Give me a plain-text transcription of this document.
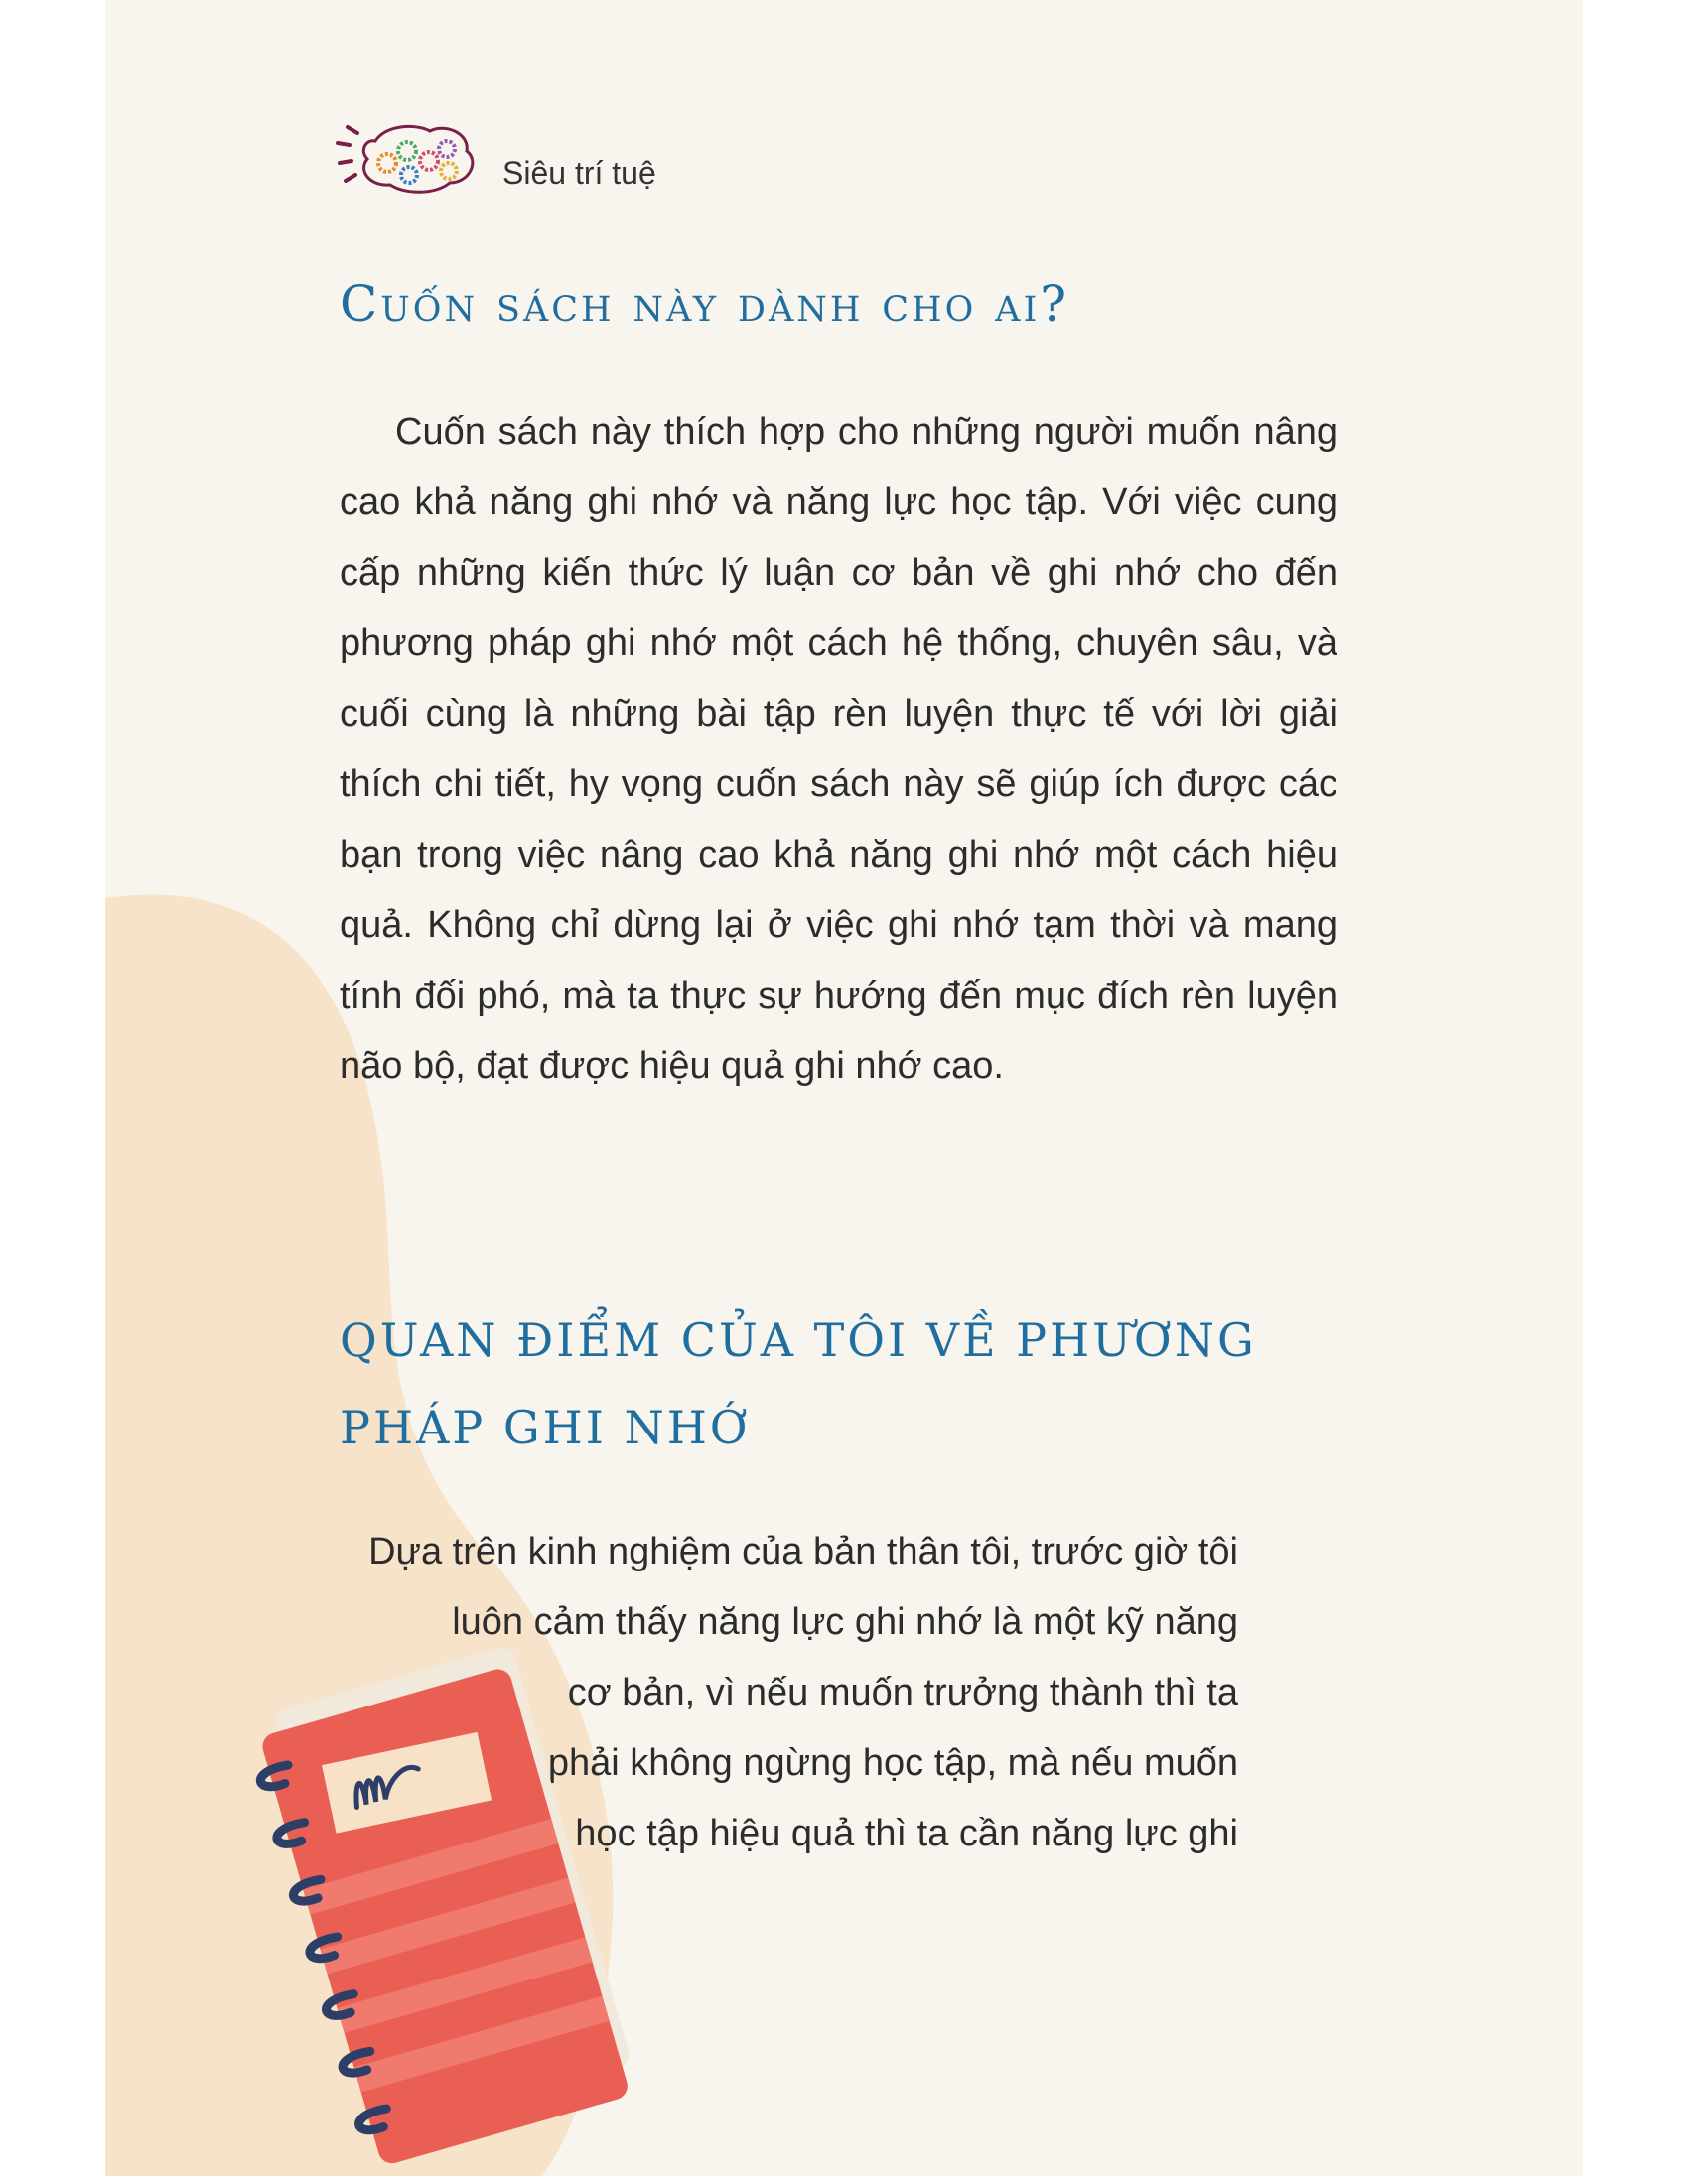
Siêu trí tuệ
Cuốn sách này dành cho ai?

Cuốn sách này thích hợp cho những người muốn nâng cao khả năng ghi nhớ và năng lực học tập. Với việc cung cấp những kiến thức lý luận cơ bản về ghi nhớ cho đến phương pháp ghi nhớ một cách hệ thống, chuyên sâu, và cuối cùng là những bài tập rèn luyện thực tế với lời giải thích chi tiết, hy vọng cuốn sách này sẽ giúp ích được các bạn trong việc nâng cao khả năng ghi nhớ một cách hiệu quả. Không chỉ dừng lại ở việc ghi nhớ tạm thời và mang tính đối phó, mà ta thực sự hướng đến mục đích rèn luyện não bộ, đạt được hiệu quả ghi nhớ cao.

QUAN ĐIỂM CỦA TÔI VỀ PHƯƠNG PHÁP GHI NHỚ
Dựa trên kinh nghiệm của bản thân tôi, trước giờ tôi
luôn cảm thấy năng lực ghi nhớ là một kỹ năng
cơ bản, vì nếu muốn trưởng thành thì ta
phải không ngừng học tập, mà nếu muốn
học tập hiệu quả thì ta cần năng lực ghi
